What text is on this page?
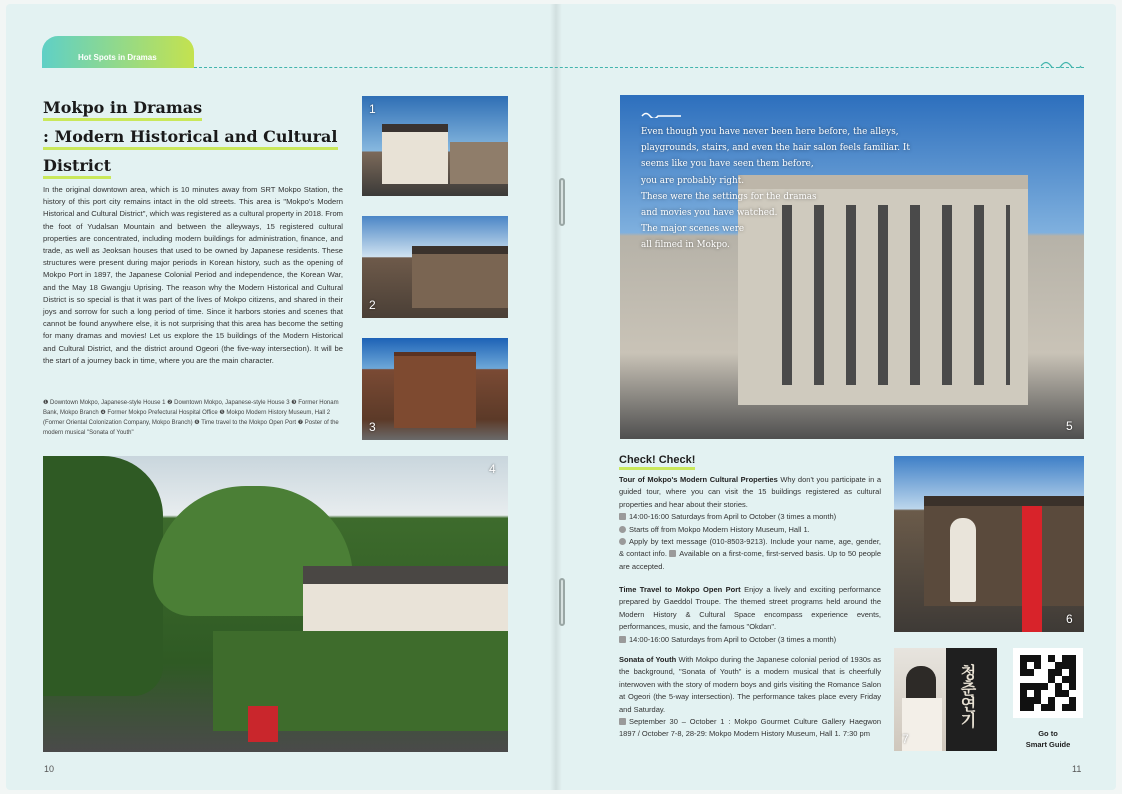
Hot Spots in Dramas
Mokpo in Dramas
: Modern Historical and Cultural
District

In the original downtown area, which is 10 minutes away from SRT Mokpo Station, the history of this port city remains intact in the old streets. This area is "Mokpo's Modern Historical and Cultural District", which was registered as a cultural property in 2018. From the foot of Yudalsan Mountain and between the alleyways, 15 registered cultural properties are concentrated, including modern buildings for administration, finance, and trade, as well as Jeoksan houses that used to be owned by Japanese residents. These structures were present during major periods in Korean history, such as the opening of Mokpo Port in 1897, the Japanese Colonial Period and independence, the Korean War, and the May 18 Gwangju Uprising. The reason why the Modern Historical and Cultural District is so special is that it was part of the lives of Mokpo citizens, and shared in their joys and sorrow for such a long period of time. Since it harbors stories and scenes that cannot be found anywhere else, it is not surprising that this area has become the setting for many dramas and movies! Let us explore the 15 buildings of the Modern Historical and Cultural District, and the district around Ogeori (the five-way intersection). It will be the start of a journey back in time, where you are the main character.

❶ Downtown Mokpo, Japanese-style House 1 ❷ Downtown Mokpo, Japanese-style House 3 ❸ Former Honam Bank, Mokpo Branch ❹ Former Mokpo Prefectural Hospital Office ❺ Mokpo Modern History Museum, Hall 2 (Former Oriental Colonization Company, Mokpo Branch) ❻ Time travel to the Mokpo Open Port ❼ Poster of the modern musical "Sonata of Youth"

1
2
3
4
10
5
Even though you have never been here before, the alleys,
playgrounds, stairs, and even the hair salon feels familiar. It
seems like you have seen them before,
you are probably right.
These were the settings for the dramas
and movies you have watched.
The major scenes were
all filmed in Mokpo.
Check! Check!
Tour of Mokpo's Modern Cultural Properties Why don't you participate in a guided tour, where you can visit the 15 buildings registered as cultural properties and hear about their stories.
14:00-16:00 Saturdays from April to October (3 times a month)
Starts off from Mokpo Modern History Museum, Hall 1.
Apply by text message (010-8503-9213). Include your name, age, gender, & contact info. Available on a first-come, first-served basis. Up to 50 people are accepted.
Time Travel to Mokpo Open Port Enjoy a lively and exciting performance prepared by Gaeddol Troupe. The themed street programs held around the Modern History & Cultural Space encompass experience events, performances, music, and the famous "Okdan".
14:00-16:00 Saturdays from April to October (3 times a month)
Sonata of Youth With Mokpo during the Japanese colonial period of 1930s as the background, "Sonata of Youth" is a modern musical that is cheerfully interwoven with the story of modern boys and girls visiting the Romance Salon at Ogeori (the 5-way intersection). The performance takes place every Friday and Saturday.
September 30 – October 1 : Mokpo Gourmet Culture Gallery Haegwon 1897 / October 7-8, 28-29: Mokpo Modern History Museum, Hall 1. 7:30 pm
6
7
청춘연기
Go to
Smart Guide
11
